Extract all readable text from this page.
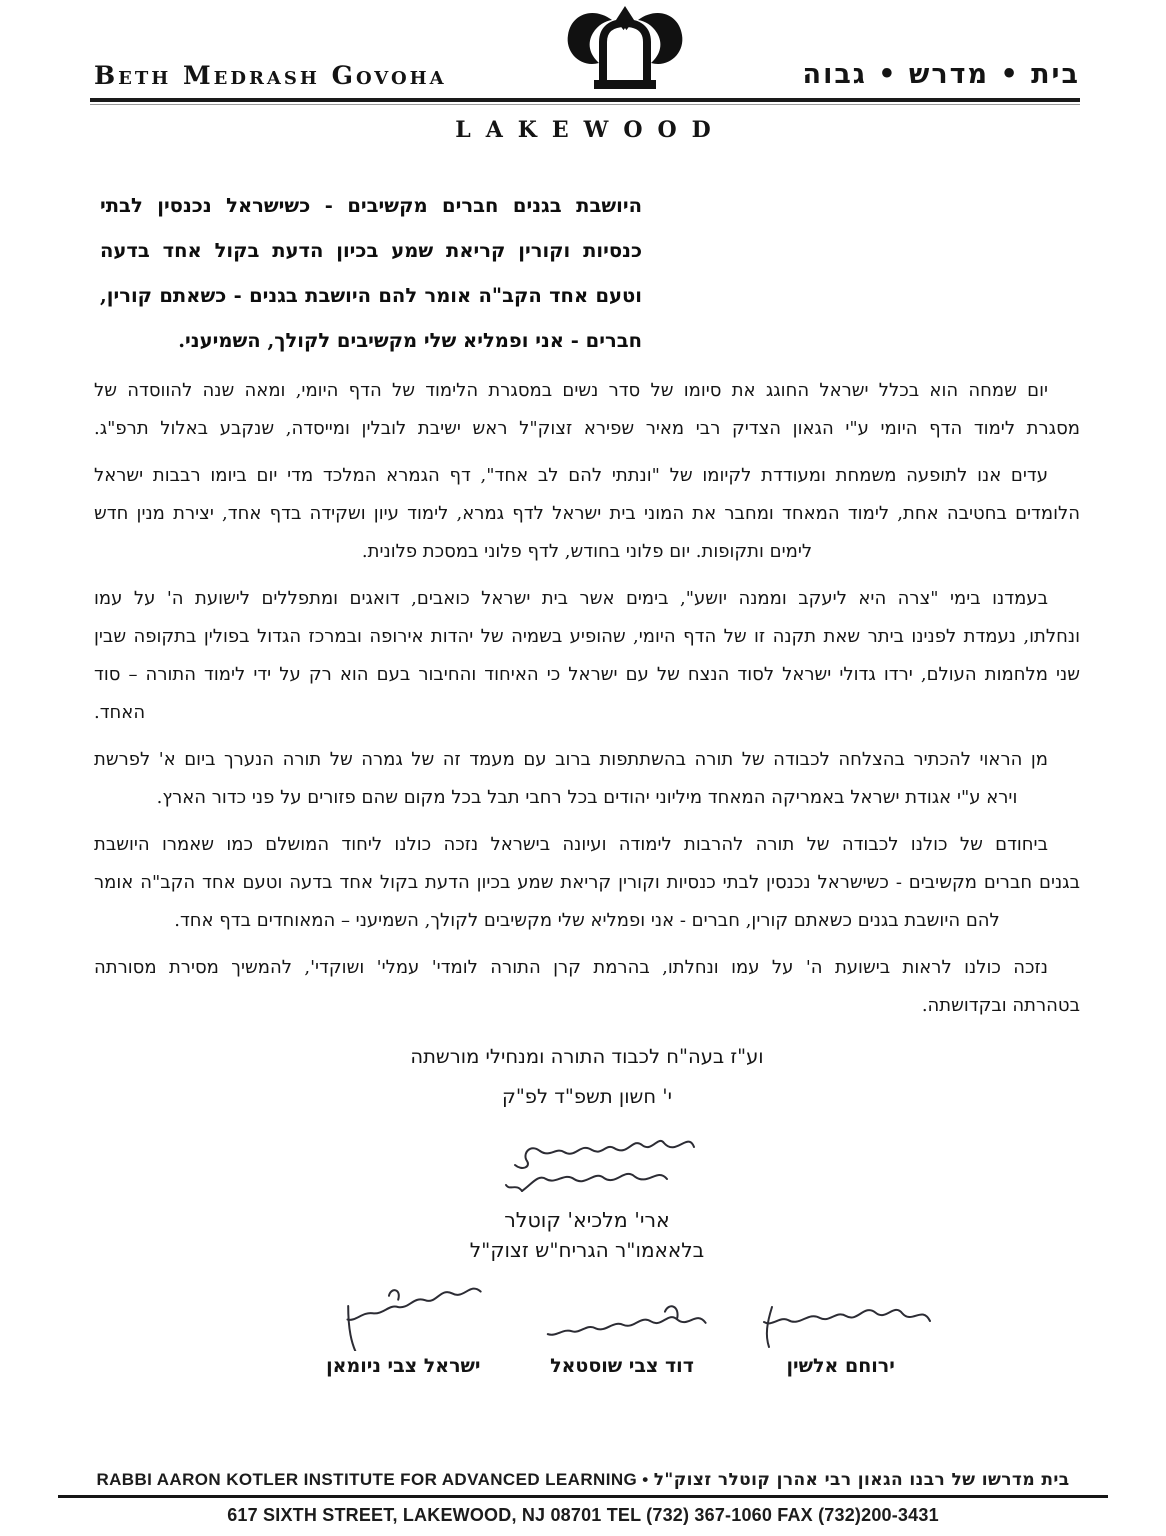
Beth Medrash Govoha	בית • מדרש • גבוה
LAKEWOOD
היושבת בגנים חברים מקשיבים - כשישראל נכנסין לבתי
כנסיות וקורין קריאת שמע בכיון הדעת בקול אחד בדעה
וטעם אחד הקב"ה אומר להם היושבת בגנים - כשאתם קורין,
חברים - אני ופמליא שלי מקשיבים לקולך, השמיעני.
יום שמחה הוא בכלל ישראל החוגג את סיומו של סדר נשים במסגרת הלימוד של הדף היומי, ומאה שנה להווסדה של
מסגרת לימוד הדף היומי ע"י הגאון הצדיק רבי מאיר שפירא זצוק"ל ראש ישיבת לובלין ומייסדה, שנקבע באלול תרפ"ג.
עדים אנו לתופעה משמחת ומעודדת לקיומו של "ונתתי להם לב אחד", דף הגמרא המלכד מדי יום ביומו רבבות ישראל
הלומדים בחטיבה אחת, לימוד המאחד ומחבר את המוני בית ישראל לדף גמרא, לימוד עיון ושקידה בדף אחד, יצירת מנין חדש
לימים ותקופות. יום פלוני בחודש, לדף פלוני במסכת פלונית.
בעמדנו בימי "צרה היא ליעקב וממנה יושע", בימים אשר בית ישראל כואבים, דואגים ומתפללים לישועת ה' על עמו
ונחלתו, נעמדת לפנינו ביתר שאת תקנה זו של הדף היומי, שהופיע בשמיה של יהדות אירופה ובמרכז הגדול בפולין בתקופה שבין
שני מלחמות העולם, ירדו גדולי ישראל לסוד הנצח של עם ישראל כי האיחוד והחיבור בעם הוא רק על ידי לימוד התורה – סוד
האחד.
מן הראוי להכתיר בהצלחה לכבודה של תורה בהשתתפות ברוב עם מעמד זה של גמרה של תורה הנערך ביום א' לפרשת
וירא ע"י אגודת ישראל באמריקה המאחד מיליוני יהודים בכל רחבי תבל בכל מקום שהם פזורים על פני כדור הארץ.
ביחודם של כולנו לכבודה של תורה להרבות לימודה ועיונה בישראל נזכה כולנו ליחוד המושלם כמו שאמרו היושבת
בגנים חברים מקשיבים - כשישראל נכנסין לבתי כנסיות וקורין קריאת שמע בכיון הדעת בקול אחד בדעה וטעם אחד הקב"ה אומר
להם היושבת בגנים כשאתם קורין, חברים - אני ופמליא שלי מקשיבים לקולך, השמיעני – המאוחדים בדף אחד.
נזכה כולנו לראות בישועת ה' על עמו ונחלתו, בהרמת קרן התורה לומדי' עמלי' ושוקדי', להמשיך מסירת מסורתה
בטהרתה ובקדושתה.
וע"ז בעה"ח לכבוד התורה ומנחילי מורשתה
י' חשון תשפ"ד לפ"ק
ארי' מלכיא' קוטלר
בלאאמו"ר הגריח"ש זצוק"ל
ירוחם אלשין
דוד צבי שוסטאל
ישראל צבי ניומאן
RABBI AARON KOTLER INSTITUTE FOR ADVANCED LEARNING • בית מדרשו של רבנו הגאון רבי אהרן קוטלר זצוק"ל
617 SIXTH STREET, LAKEWOOD, NJ 08701 TEL (732) 367-1060 FAX (732)200-3431
